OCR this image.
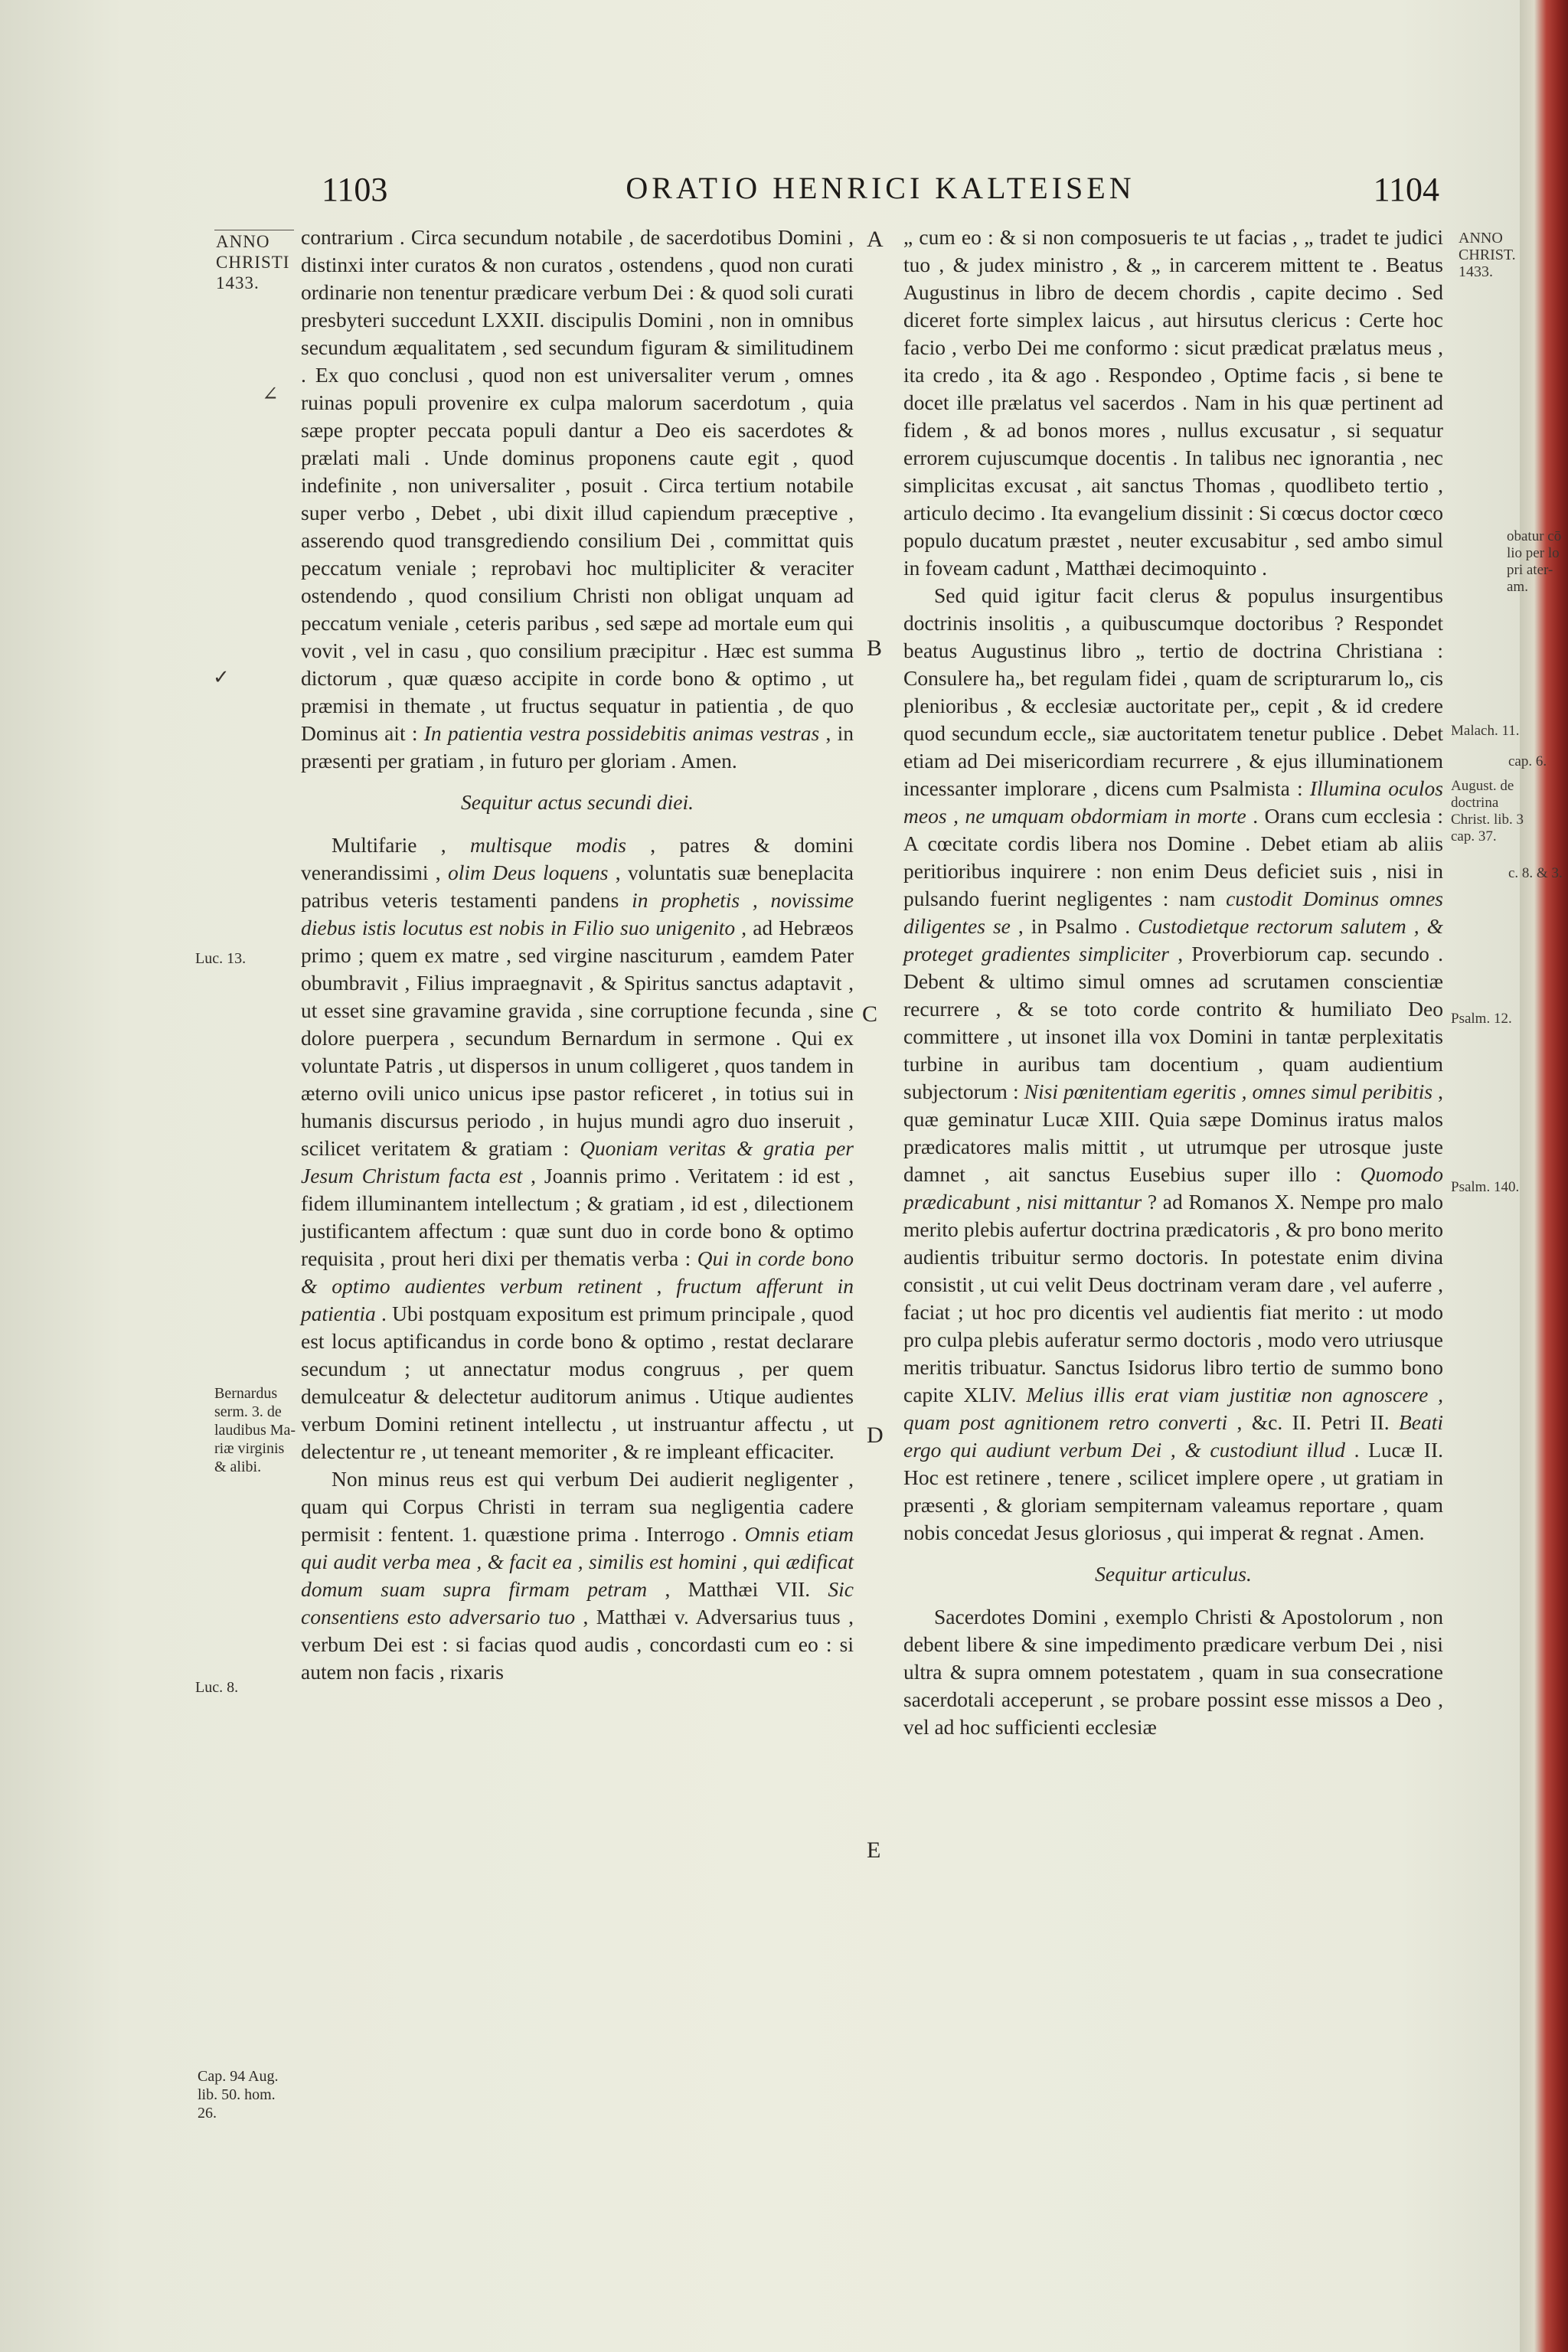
1103	ORATIO HENRICI KALTEISEN	1104
ANNO
CHRISTI
1433.
Luc. 13.
Bernardus
serm. 3. de
laudibus Ma-
riæ virginis
& alibi.
Luc. 8.
Cap. 94 Aug.
lib. 50. hom.
26.
A
B
C
D
E
∠
✓

contrarium . Circa secundum notabile , de sacerdotibus Domini , distinxi inter curatos & non curatos , ostendens , quod non curati ordinarie non tenentur prædicare verbum Dei : & quod soli curati presbyteri succedunt LXXII. discipulis Domini , non in omnibus secundum æqualitatem , sed secundum figuram & similitudinem . Ex quo conclusi , quod non est universaliter verum , omnes ruinas populi provenire ex culpa malorum sacerdotum , quia sæpe propter peccata populi dantur a Deo eis sacerdotes & prælati mali . Unde dominus proponens caute egit , quod indefinite , non universaliter , posuit . Circa tertium notabile super verbo , Debet , ubi dixit illud capiendum præceptive , asserendo quod transgrediendo consilium Dei , committat quis peccatum veniale ; reprobavi hoc multipliciter & veraciter ostendendo , quod consilium Christi non obligat unquam ad peccatum veniale , ceteris paribus , sed sæpe ad mortale eum qui vovit , vel in casu , quo consilium præcipitur . Hæc est summa dictorum , quæ quæso accipite in corde bono & optimo , ut præmisi in themate , ut fructus sequatur in patientia , de quo Dominus ait : In patientia vestra possidebitis animas vestras , in præsenti per gratiam , in futuro per gloriam . Amen.

Sequitur actus secundi diei.

Multifarie , multisque modis , patres & domini venerandissimi , olim Deus loquens , voluntatis suæ beneplacita patribus veteris testamenti pandens in prophetis , novissime diebus istis locutus est nobis in Filio suo unigenito , ad Hebræos primo ; quem ex matre , sed virgine nasciturum , eamdem Pater obumbravit , Filius impraegnavit , & Spiritus sanctus adaptavit , ut esset sine gravamine gravida , sine corruptione fecunda , sine dolore puerpera , secundum Bernardum in sermone . Qui ex voluntate Patris , ut dispersos in unum colligeret , quos tandem in æterno ovili unico unicus ipse pastor reficeret , in totius sui in humanis discursus periodo , in hujus mundi agro duo inseruit , scilicet veritatem & gratiam : Quoniam veritas & gratia per Jesum Christum facta est , Joannis primo . Veritatem : id est , fidem illuminantem intellectum ; & gratiam , id est , dilectionem justificantem affectum : quæ sunt duo in corde bono & optimo requisita , prout heri dixi per thematis verba : Qui in corde bono & optimo audientes verbum retinent , fructum afferunt in patientia . Ubi postquam expositum est primum principale , quod est locus aptificandus in corde bono & optimo , restat declarare secundum ; ut annectatur modus congruus , per quem demulceatur & delectetur auditorum animus . Utique audientes verbum Domini retinent intellectu , ut instruantur affectu , ut delectentur re , ut teneant memoriter , & re impleant efficaciter.

Non minus reus est qui verbum Dei audierit negligenter , quam qui Corpus Christi in terram sua negligentia cadere permisit : fentent. 1. quæstione prima . Interrogo . Omnis etiam qui audit verba mea , & facit ea , similis est homini , qui ædificat domum suam supra firmam petram , Matthæi VII. Sic consentiens esto adversario tuo , Matthæi v. Adversarius tuus , verbum Dei est : si facias quod audis , concordasti cum eo : si autem non facis , rixaris

„ cum eo : & si non composueris te ut facias , „ tradet te judici tuo , & judex ministro , & „ in carcerem mittent te . Beatus Augustinus in libro de decem chordis , capite decimo . Sed diceret forte simplex laicus , aut hirsutus clericus : Certe hoc facio , verbo Dei me conformo : sicut prædicat prælatus meus , ita credo , ita & ago . Respondeo , Optime facis , si bene te docet ille prælatus vel sacerdos . Nam in his quæ pertinent ad fidem , & ad bonos mores , nullus excusatur , si sequatur errorem cujuscumque docentis . In talibus nec ignorantia , nec simplicitas excusat , ait sanctus Thomas , quodlibeto tertio , articulo decimo . Ita evangelium dissinit : Si cœcus doctor cœco populo ducatum præstet , neuter excusabitur , sed ambo simul in foveam cadunt , Matthæi decimoquinto .

Sed quid igitur facit clerus & populus insurgentibus doctrinis insolitis , a quibuscumque doctoribus ? Respondet beatus Augustinus libro „ tertio de doctrina Christiana : Consulere ha„ bet regulam fidei , quam de scripturarum lo„ cis plenioribus , & ecclesiæ auctoritate per„ cepit , & id credere quod secundum eccle„ siæ auctoritatem tenetur publice . Debet etiam ad Dei misericordiam recurrere , & ejus illuminationem incessanter implorare , dicens cum Psalmista : Illumina oculos meos , ne umquam obdormiam in morte . Orans cum ecclesia : A cœcitate cordis libera nos Domine . Debet etiam ab aliis peritioribus inquirere : non enim Deus deficiet suis , nisi in pulsando fuerint negligentes : nam custodit Dominus omnes diligentes se , in Psalmo . Custodietque rectorum salutem , & proteget gradientes simpliciter , Proverbiorum cap. secundo . Debent & ultimo simul omnes ad scrutamen conscientiæ recurrere , & se toto corde contrito & humiliato Deo committere , ut insonet illa vox Domini in tantæ perplexitatis turbine in auribus tam docentium , quam audientium subjectorum : Nisi pœnitentiam egeritis , omnes simul peribitis , quæ geminatur Lucæ XIII. Quia sæpe Dominus iratus malos prædicatores malis mittit , ut utrumque per utrosque juste damnet , ait sanctus Eusebius super illo : Quomodo prædicabunt , nisi mittantur ? ad Romanos X. Nempe pro malo merito plebis aufertur doctrina prædicatoris , & pro bono merito audientis tribuitur sermo doctoris. In potestate enim divina consistit , ut cui velit Deus doctrinam veram dare , vel auferre , faciat ; ut hoc pro dicentis vel audientis fiat merito : ut modo pro culpa plebis auferatur sermo doctoris , modo vero utriusque meritis tribuatur. Sanctus Isidorus libro tertio de summo bono capite XLIV. Melius illis erat viam justitiæ non agnoscere , quam post agnitionem retro converti , &c. II. Petri II. Beati ergo qui audiunt verbum Dei , & custodiunt illud . Lucæ II. Hoc est retinere , tenere , scilicet implere opere , ut gratiam in præsenti , & gloriam sempiternam valeamus reportare , quam nobis concedat Jesus gloriosus , qui imperat & regnat . Amen.

Sequitur articulus.

Sacerdotes Domini , exemplo Christi & Apostolorum , non debent libere & sine impedimento prædicare verbum Dei , nisi ultra & supra omnem potestatem , quam in sua consecratione sacerdotali acceperunt , se probare possint esse missos a Deo , vel ad hoc sufficienti ecclesiæ

ANNO
CHRIST.
1433.
obatur cō
lio per lo
pri ater-
am.
Malach. 11.
cap. 6.
August. de
doctrina
Christ. lib. 3
cap. 37.
c. 8. & 3.
Psalm. 12.
Psalm. 140.
